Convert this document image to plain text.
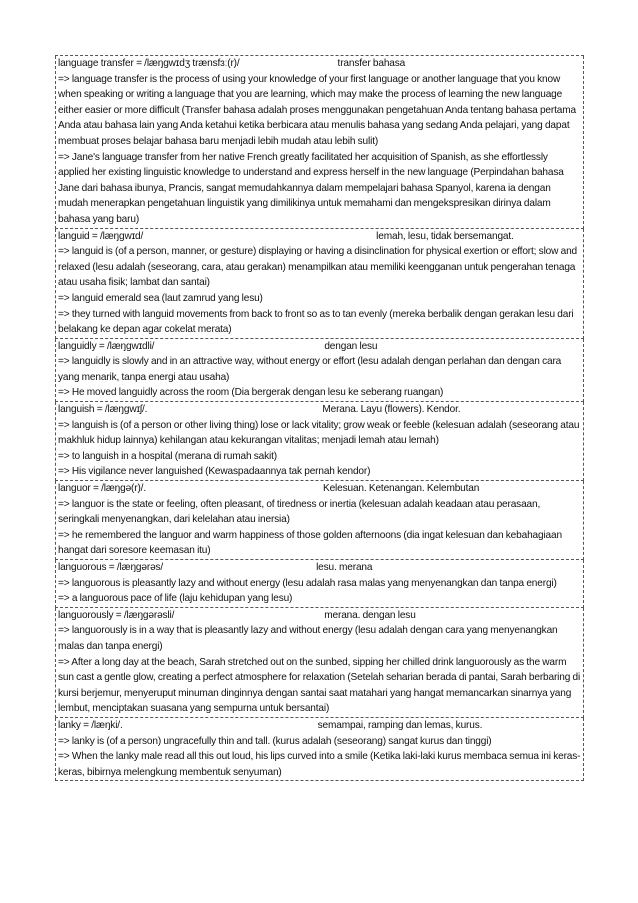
language transfer = /læŋɡwɪdʒ trænsfɜː(r)/	transfer bahasa
=> language transfer is the process of using your knowledge of your first language or another language that you know when speaking or writing a language that you are learning, which may make the process of learning the new language either easier or more difficult (Transfer bahasa adalah proses menggunakan pengetahuan Anda tentang bahasa pertama Anda atau bahasa lain yang Anda ketahui ketika berbicara atau menulis bahasa yang sedang Anda pelajari, yang dapat membuat proses belajar bahasa baru menjadi lebih mudah atau lebih sulit)
=> Jane's language transfer from her native French greatly facilitated her acquisition of Spanish, as she effortlessly applied her existing linguistic knowledge to understand and express herself in the new language (Perpindahan bahasa Jane dari bahasa ibunya, Prancis, sangat memudahkannya dalam mempelajari bahasa Spanyol, karena ia dengan mudah menerapkan pengetahuan linguistik yang dimilikinya untuk memahami dan mengekspresikan dirinya dalam bahasa yang baru)
languid = /læŋɡwɪd/	lemah, lesu, tidak bersemangat.
=> languid is (of a person, manner, or gesture) displaying or having a disinclination for physical exertion or effort; slow and relaxed (lesu adalah (seseorang, cara, atau gerakan) menampilkan atau memiliki keengganan untuk pengerahan tenaga atau usaha fisik; lambat dan santai)
=> languid emerald sea (laut zamrud yang lesu)
=> they turned with languid movements from back to front so as to tan evenly (mereka berbalik dengan gerakan lesu dari belakang ke depan agar cokelat merata)
languidly = /læŋɡwɪdli/	dengan lesu
=> languidly is slowly and in an attractive way, without energy or effort (lesu adalah dengan perlahan dan dengan cara yang menarik, tanpa energi atau usaha)
=> He moved languidly across the room (Dia bergerak dengan lesu ke seberang ruangan)
languish = /læŋɡwɪʃ/.	Merana. Layu (flowers). Kendor.
=> languish is (of a person or other living thing) lose or lack vitality; grow weak or feeble (kelesuan adalah (seseorang atau makhluk hidup lainnya) kehilangan atau kekurangan vitalitas; menjadi lemah atau lemah)
=> to languish in a hospital (merana di rumah sakit)
=> His vigilance never languished (Kewaspadaannya tak pernah kendor)
languor = /læŋɡə(r)/.	Kelesuan. Ketenangan. Kelembutan
=> languor is the state or feeling, often pleasant, of tiredness or inertia (kelesuan adalah keadaan atau perasaan, seringkali menyenangkan, dari kelelahan atau inersia)
=> he remembered the languor and warm happiness of those golden afternoons (dia ingat kelesuan dan kebahagiaan hangat dari soresore keemasan itu)
languorous = /læŋɡərəs/	lesu. merana
=> languorous is pleasantly lazy and without energy (lesu adalah rasa malas yang menyenangkan dan tanpa energi)
=> a languorous pace of life (laju kehidupan yang lesu)
languorously = /læŋɡərəsli/	merana. dengan lesu
=> languorously is in a way that is pleasantly lazy and without energy (lesu adalah dengan cara yang menyenangkan malas dan tanpa energi)
=> After a long day at the beach, Sarah stretched out on the sunbed, sipping her chilled drink languorously as the warm sun cast a gentle glow, creating a perfect atmosphere for relaxation (Setelah seharian berada di pantai, Sarah berbaring di kursi berjemur, menyeruput minuman dinginnya dengan santai saat matahari yang hangat memancarkan sinarnya yang lembut, menciptakan suasana yang sempurna untuk bersantai)
lanky = /læŋki/.	semampai, ramping dan lemas, kurus.
=> lanky is (of a person) ungracefully thin and tall. (kurus adalah (seseorang) sangat kurus dan tinggi)
=> When the lanky male read all this out loud, his lips curved into a smile (Ketika laki-laki kurus membaca semua ini keras-keras, bibirnya melengkung membentuk senyuman)
